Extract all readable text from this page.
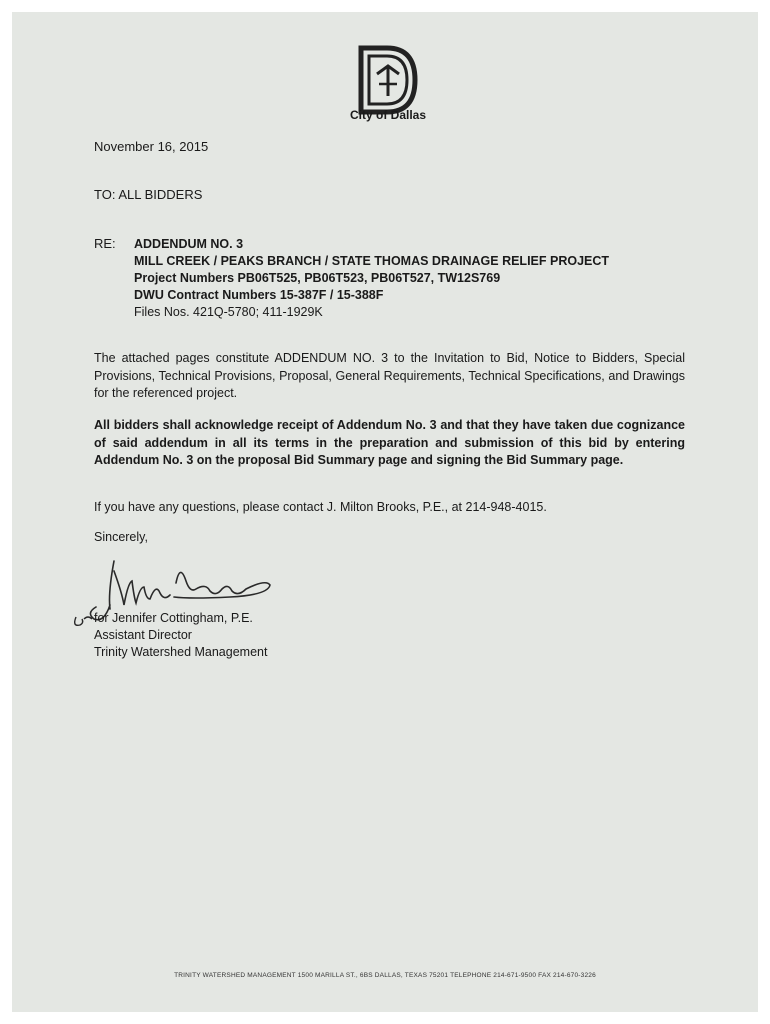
City of Dallas
November 16, 2015
TO: ALL BIDDERS
RE: ADDENDUM NO. 3
MILL CREEK / PEAKS BRANCH / STATE THOMAS DRAINAGE RELIEF PROJECT
Project Numbers PB06T525, PB06T523, PB06T527, TW12S769
DWU Contract Numbers 15-387F / 15-388F
Files Nos. 421Q-5780; 411-1929K

The attached pages constitute ADDENDUM NO. 3 to the Invitation to Bid, Notice to Bidders, Special Provisions, Technical Provisions, Proposal, General Requirements, Technical Specifications, and Drawings for the referenced project.

All bidders shall acknowledge receipt of Addendum No. 3 and that they have taken due cognizance of said addendum in all its terms in the preparation and submission of this bid by entering Addendum No. 3 on the proposal Bid Summary page and signing the Bid Summary page.

If you have any questions, please contact J. Milton Brooks, P.E., at 214-948-4015.

Sincerely,
for Jennifer Cottingham, P.E.
Assistant Director
Trinity Watershed Management
TRINITY WATERSHED MANAGEMENT 1500 MARILLA ST., 6BS DALLAS, TEXAS 75201 TELEPHONE 214-671-9500 FAX 214-670-3226
